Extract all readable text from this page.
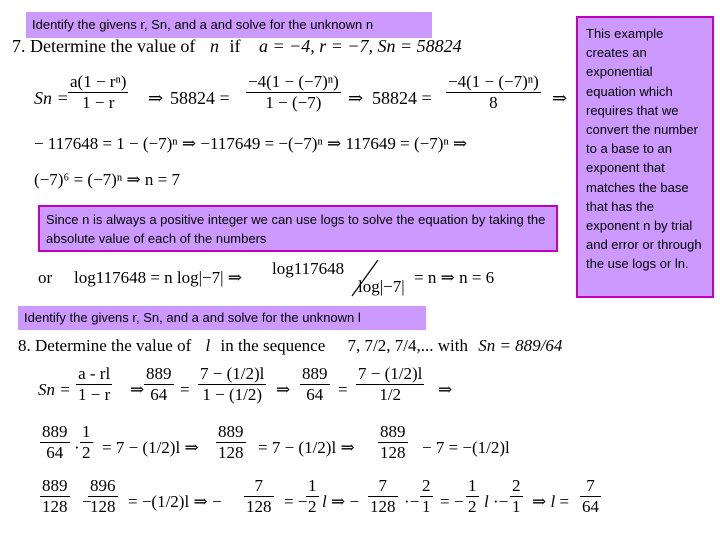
Identify the givens r, Sn, and a and solve for the unknown n
7. Determine the value of n if a = −4, r = −7, Sn = 58824
This example creates an exponential equation which requires that we convert the number to a base to an exponent that matches the base that has the exponent n by trial and error or through the use logs or ln.
$Sn = \frac{\text{a(1 − rⁿ)}}{1 - r}$ ⇒ $58824 = \frac{\text{−4(1 − (−7)ⁿ)}}{1 - (-7)}$ ⇒ $58824 = \frac{\text{−4(1 − (−7)ⁿ)}}{8}$ ⇒
− 117648 = 1 − (−7)ⁿ ⇒ −117649 = −(−7)ⁿ ⇒ 117649 = (−7)ⁿ ⇒
(−7)⁶ = (−7)ⁿ ⇒ n = 7
Since n is always a positive integer we can use logs to solve the equation by taking the absolute value of each of the numbers
or log117648 = n log|−7| ⇒ log117648
log|−7| = n ⇒ n = 6
Identify the givens r, Sn, and a and solve for the unknown l
8. Determine the value of l in the sequence 7, 7/2, 7/4,... with Sn = 889/64
$Sn = \frac{a - rl}{1 - r}$ ⇒ $\frac{889}{64} = \frac{7 - (1/2)l}{1 - (1/2)}$ ⇒ $\frac{889}{64} = \frac{7 - (1/2)l}{1/2}$ ⇒
$\frac{889}{64} \cdot \frac{1}{2} = 7 - (1/2)l$ ⇒ $\frac{889}{128} = 7 - (1/2)l$ ⇒ $\frac{889}{128} - 7 = -(1/2)l$
$\frac{889}{128}$ −
$\frac{896}{128} = -(1/2)l$ ⇒ − $\frac{7}{128}$ = −
$\frac{1}{2}$ l ⇒ − $\frac{7}{128} \cdot- \frac{2}{1}$ = − $\frac{1}{2}$ $l \cdot- \frac{2}{1}$ ⇒ $l = \frac{7}{64}$
